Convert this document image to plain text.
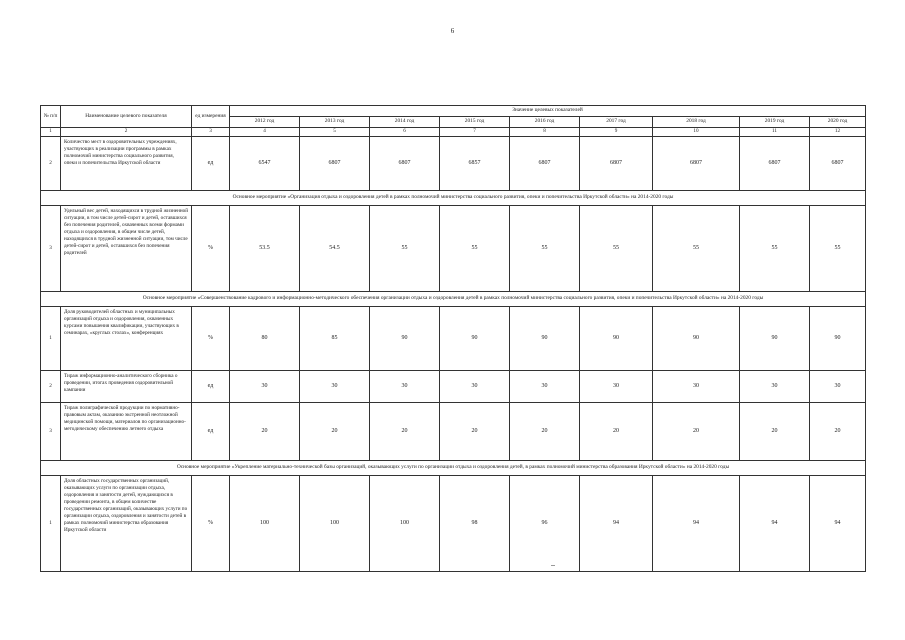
6
№ п/п	Наименование целевого показателя	ед измерения	Значение целевых показателей								
			2012 год	2013 год	2014 год	2015 год	2016 год	2017 год	2018 год	2019 год	2020 год
1	2	3	4	5	6	7	8	9	10	11	12
2	Количество мест в оздоровительных учреждениях, участвующих в реализации программы в рамках полномочий министерства социального развития, опеки и попечительства Иркутской области	ед	6547	6807	6807	6857	6807	6807	6807	6807	6807
Основное мероприятие «Организация отдыха и оздоровления детей в рамках полномочий министерства социального развития, опеки и попечительства Иркутской области» на 2014-2020 годы											
3	Удельный вес детей, находящихся в трудной жизненной ситуации, в том числе детей-сирот и детей, оставшихся без попечения родителей, охваченных всеми формами отдыха и оздоровления, в общем числе детей, находящихся в трудной жизненной ситуации, том числе детей-сирот и детей, оставшихся без попечения родителей	%	53.5	54.5	55	55	55	55	55	55	55
Основное мероприятие «Совершенствование кадрового и информационно-методического обеспечения организации отдыха и оздоровления детей в рамках полномочий министерства социального развития, опеки и попечительства Иркутской области» на 2014-2020 годы											
1	Доля руководителей областных и муниципальных организаций отдыха и оздоровления, охваченных курсами повышения квалификации, участвующих в семинарах, «круглых столах», конференциях	%	80	85	90	90	90	90	90	90	90
2	Тираж информационно-аналитического сборника о проведении, итогах проведения оздоровительной кампании	ед	30	30	30	30	30	30	30	30	30
3	Тираж полиграфической продукции по нормативно-правовым актам, оказанию экстренной неотложной медицинской помощи, материалов по организационно-методическому обеспечению летнего отдыха	ед	20	20	20	20	20	20	20	20	20
Основное мероприятие «Укрепление материально-технической базы организаций, оказывающих услуги по организации отдыха и оздоровления детей, в рамках полномочий министерства образования Иркутской области» на 2014-2020 годы											
1	Доля областных государственных организаций, оказывающих услуги по организации отдыха, оздоровления и занятости детей, нуждающихся в проведении ремонта, в общем количестве государственных организаций, оказывающих услуги по организации отдыха, оздоровления и занятости детей в рамках полномочий министерства образования Иркутской области	%	100	100	100	98	96	94	94	94	94
